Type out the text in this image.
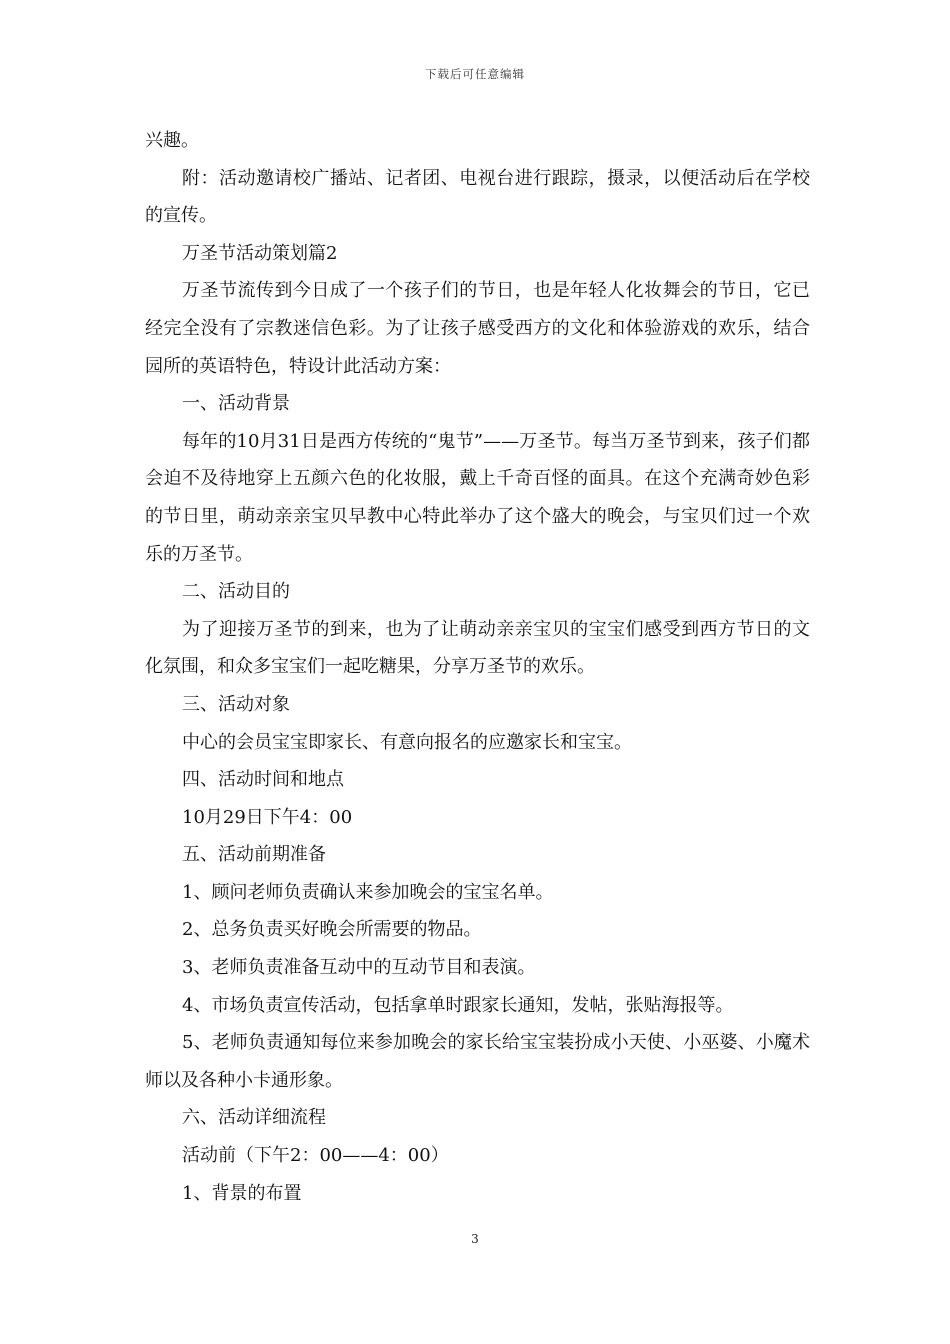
下载后可任意编辑

兴趣。

附：活动邀请校广播站、记者团、电视台进行跟踪，摄录，以便活动后在学校的宣传。

万圣节活动策划篇2

万圣节流传到今日成了一个孩子们的节日，也是年轻人化妆舞会的节日，它已经完全没有了宗教迷信色彩。为了让孩子感受西方的文化和体验游戏的欢乐，结合园所的英语特色，特设计此活动方案：

一、活动背景

每年的10月31日是西方传统的“鬼节”——万圣节。每当万圣节到来，孩子们都会迫不及待地穿上五颜六色的化妆服，戴上千奇百怪的面具。在这个充满奇妙色彩的节日里，萌动亲亲宝贝早教中心特此举办了这个盛大的晚会，与宝贝们过一个欢乐的万圣节。

二、活动目的

为了迎接万圣节的到来，也为了让萌动亲亲宝贝的宝宝们感受到西方节日的文化氛围，和众多宝宝们一起吃糖果，分享万圣节的欢乐。

三、活动对象

中心的会员宝宝即家长、有意向报名的应邀家长和宝宝。

四、活动时间和地点

10月29日下午4：00

五、活动前期准备

1、顾问老师负责确认来参加晚会的宝宝名单。

2、总务负责买好晚会所需要的物品。

3、老师负责准备互动中的互动节目和表演。

4、市场负责宣传活动，包括拿单时跟家长通知，发帖，张贴海报等。

5、老师负责通知每位来参加晚会的家长给宝宝装扮成小天使、小巫婆、小魔术师以及各种小卡通形象。

六、活动详细流程

活动前（下午2：00——4：00）

1、背景的布置

3
